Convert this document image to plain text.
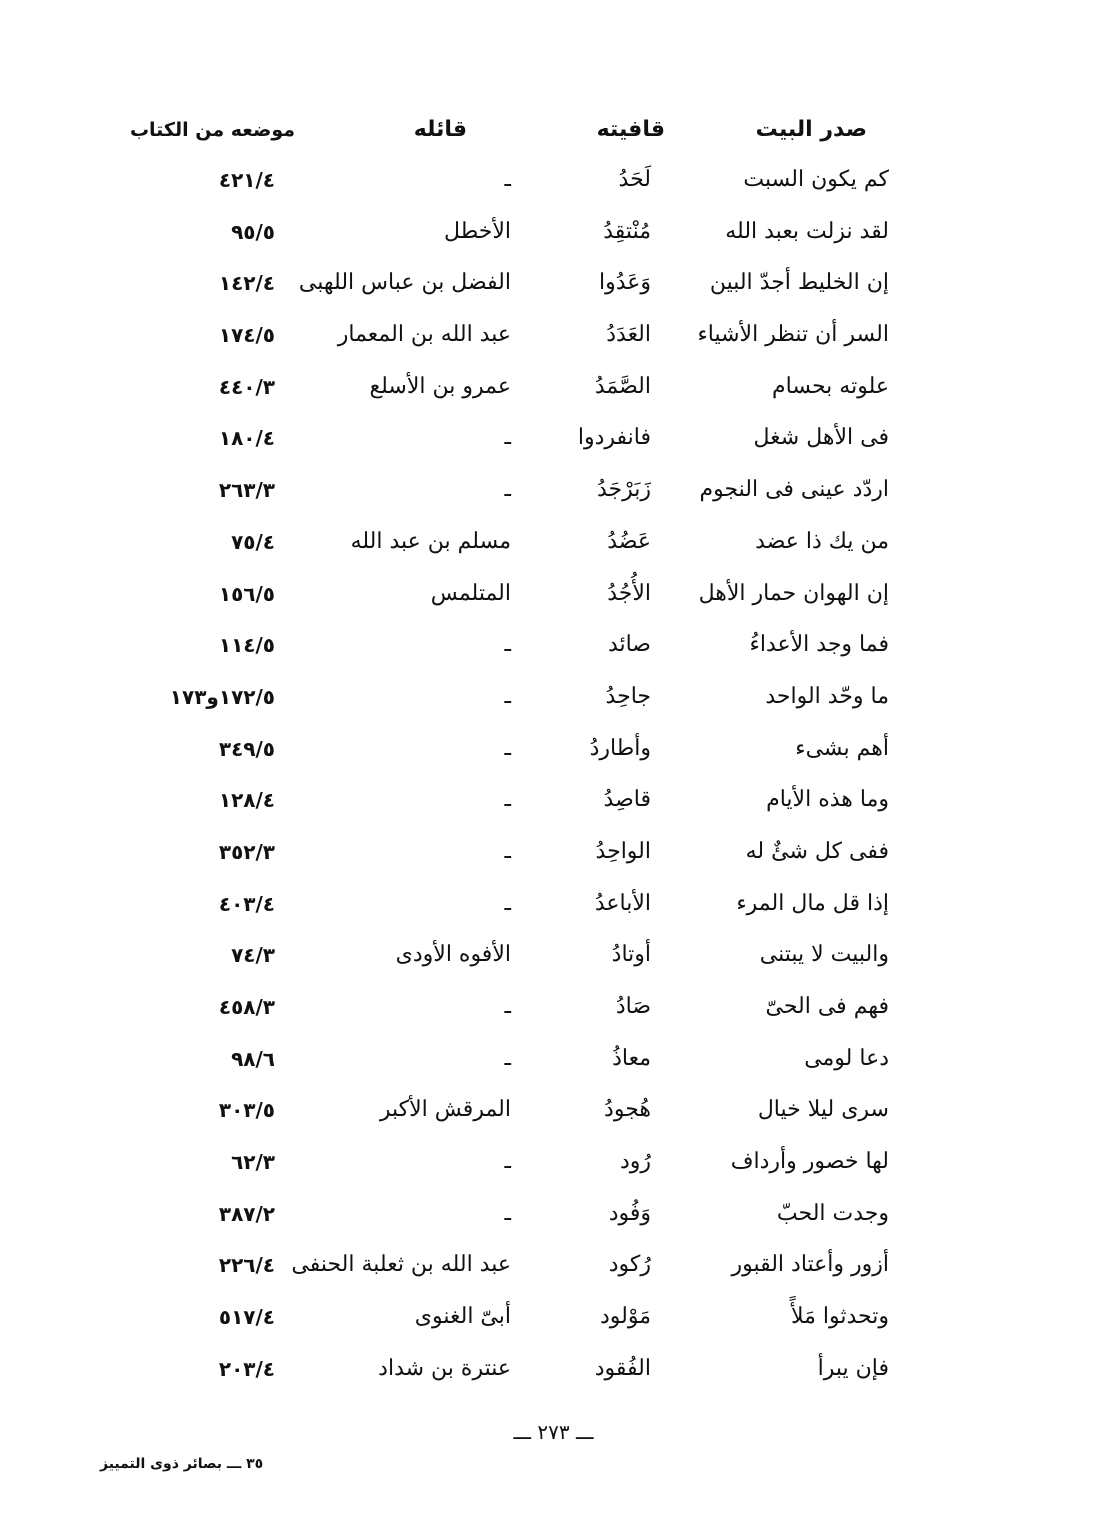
صدر البيت
قافيته
قائله
موضعه من الكتاب
كم يكون السبت
لَحَدُ
ـ
٤٢١/٤
لقد نزلت بعبد الله
مُنْتقِدُ
الأخطل
٩٥/٥
إن الخليط أجدّ البين
وَعَدُوا
الفضل بن عباس اللهبى
١٤٢/٤
السر أن تنظر الأشياء
العَدَدُ
عبد الله بن المعمار
١٧٤/٥
علوته بحسام
الصَّمَدُ
عمرو بن الأسلع
٤٤٠/٣
فى الأهل شغل
فانفردوا
ـ
١٨٠/٤
اردّد عينى فى النجوم
زَبَرْجَدُ
ـ
٢٦٣/٣
من يك ذا عضد
عَضُدُ
مسلم بن عبد الله
٧٥/٤
إن الهوان حمار الأهل
الأُجُدُ
المتلمس
١٥٦/٥
فما وجد الأعداءُ
صائد
ـ
١١٤/٥
ما وحّد الواحد
جاحِدُ
ـ
١٧٢/٥و١٧٣
أهم بشىء
وأطاردُ
ـ
٣٤٩/٥
وما هذه الأيام
قاصِدُ
ـ
١٢٨/٤
ففى كل شئٌ له
الواحِدُ
ـ
٣٥٢/٣
إذا قل مال المرء
الأباعدُ
ـ
٤٠٣/٤
والبيت لا يبتنى
أوتادُ
الأفوه الأودى
٧٤/٣
فهم فى الحىّ
صَادُ
ـ
٤٥٨/٣
دعا لومى
معاذُ
ـ
٩٨/٦
سرى ليلا خيال
هُجودُ
المرقش الأكبر
٣٠٣/٥
لها خصور وأرداف
رُود
ـ
٦٢/٣
وجدت الحبّ
وَفُود
ـ
٣٨٧/٢
أزور وأعتاد القبور
رُكود
عبد الله بن ثعلبة الحنفى
٢٢٦/٤
وتحدثوا مَلأً
مَوْلود
أبىّ الغنوى
٥١٧/٤
فإن يبرأ
الفُقود
عنترة بن شداد
٢٠٣/٤
ـــ ٢٧٣ ـــ
٣٥ ـــ بصائر ذوى التمييز
